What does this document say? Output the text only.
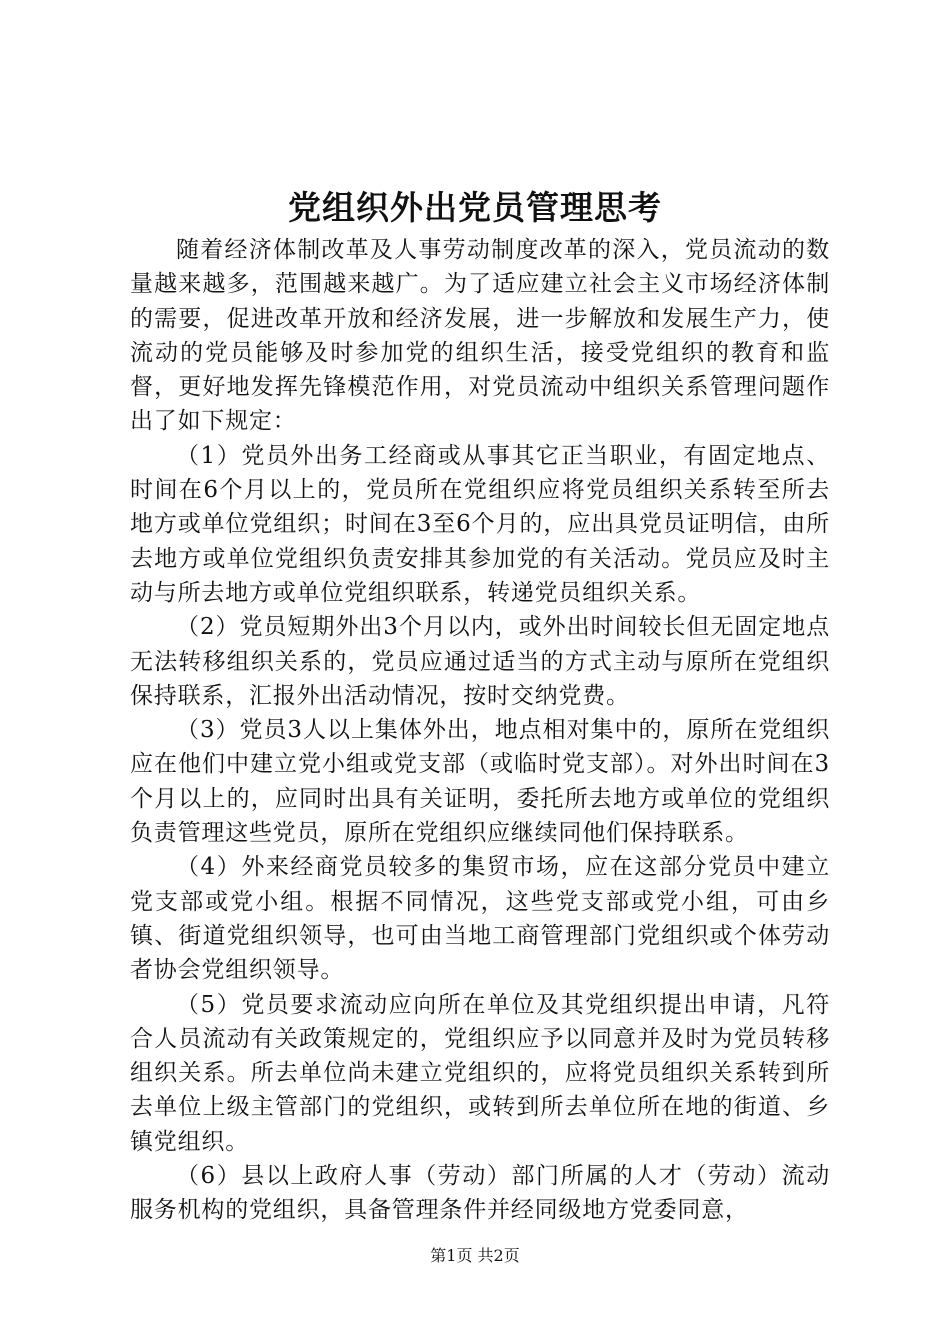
党组织外出党员管理思考

随着经济体制改革及人事劳动制度改革的深入，党员流动的数量越来越多，范围越来越广。为了适应建立社会主义市场经济体制的需要，促进改革开放和经济发展，进一步解放和发展生产力，使流动的党员能够及时参加党的组织生活，接受党组织的教育和监督，更好地发挥先锋模范作用，对党员流动中组织关系管理问题作出了如下规定：

（1）党员外出务工经商或从事其它正当职业，有固定地点、时间在6个月以上的，党员所在党组织应将党员组织关系转至所去地方或单位党组织；时间在3至6个月的，应出具党员证明信，由所去地方或单位党组织负责安排其参加党的有关活动。党员应及时主动与所去地方或单位党组织联系，转递党员组织关系。

（2）党员短期外出3个月以内，或外出时间较长但无固定地点无法转移组织关系的，党员应通过适当的方式主动与原所在党组织保持联系，汇报外出活动情况，按时交纳党费。

（3）党员3人以上集体外出，地点相对集中的，原所在党组织应在他们中建立党小组或党支部（或临时党支部）。对外出时间在3个月以上的，应同时出具有关证明，委托所去地方或单位的党组织负责管理这些党员，原所在党组织应继续同他们保持联系。

（4）外来经商党员较多的集贸市场，应在这部分党员中建立党支部或党小组。根据不同情况，这些党支部或党小组，可由乡镇、街道党组织领导，也可由当地工商管理部门党组织或个体劳动者协会党组织领导。

（5）党员要求流动应向所在单位及其党组织提出申请，凡符合人员流动有关政策规定的，党组织应予以同意并及时为党员转移组织关系。所去单位尚未建立党组织的，应将党员组织关系转到所去单位上级主管部门的党组织，或转到所去单位所在地的街道、乡镇党组织。

（6）县以上政府人事（劳动）部门所属的人才（劳动）流动服务机构的党组织，具备管理条件并经同级地方党委同意，

第1页 共2页
